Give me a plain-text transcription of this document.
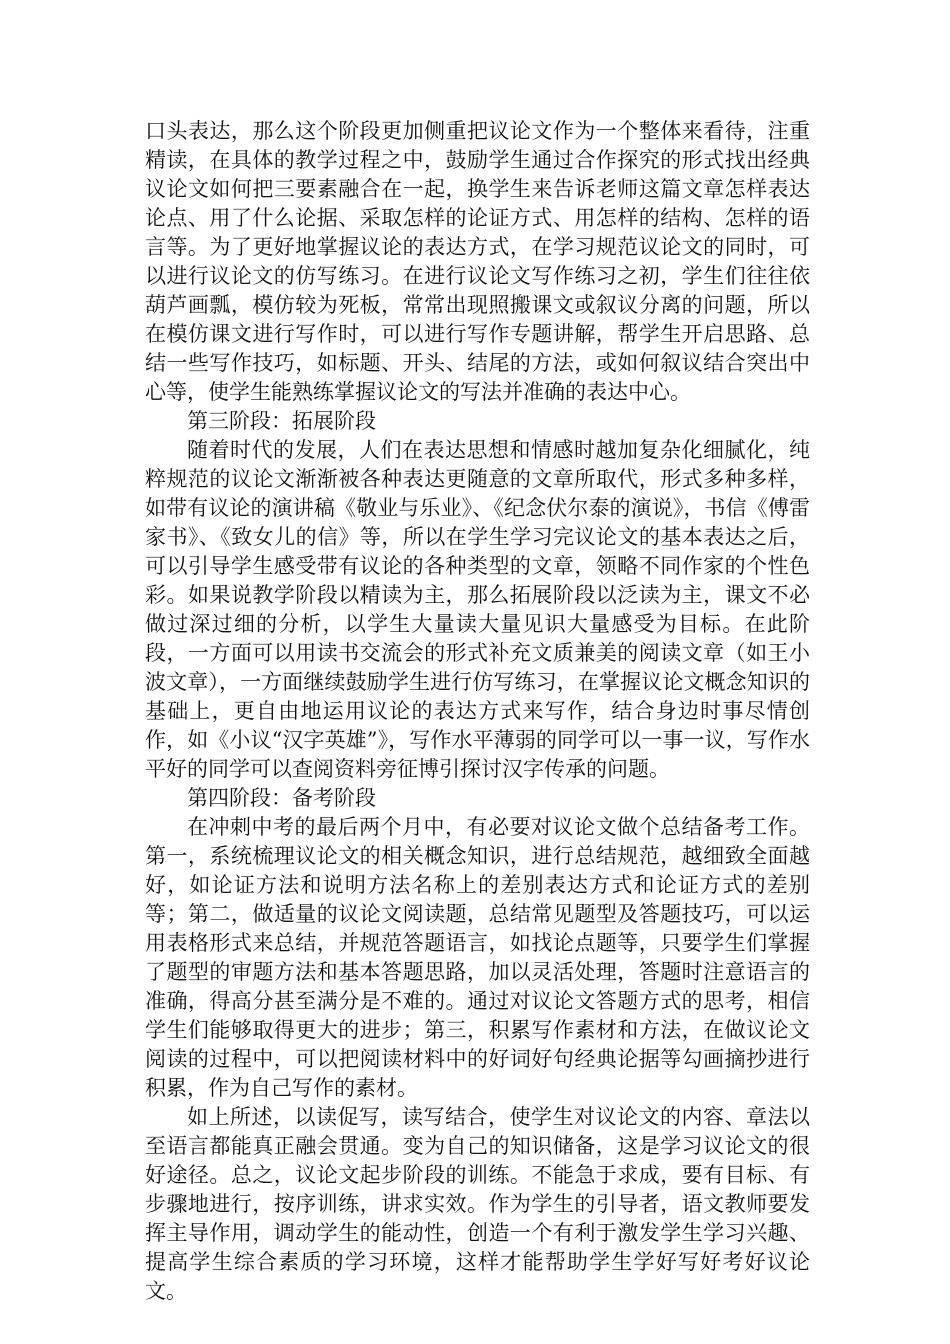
口头表达，那么这个阶段更加侧重把议论文作为一个整体来看待，注重精读，在具体的教学过程之中，鼓励学生通过合作探究的形式找出经典议论文如何把三要素融合在一起，换学生来告诉老师这篇文章怎样表达论点、用了什么论据、采取怎样的论证方式、用怎样的结构、怎样的语言等。为了更好地掌握议论的表达方式，在学习规范议论文的同时，可以进行议论文的仿写练习。在进行议论文写作练习之初，学生们往往依葫芦画瓢，模仿较为死板，常常出现照搬课文或叙议分离的问题，所以在模仿课文进行写作时，可以进行写作专题讲解，帮学生开启思路、总结一些写作技巧，如标题、开头、结尾的方法，或如何叙议结合突出中心等，使学生能熟练掌握议论文的写法并准确的表达中心。

第三阶段：拓展阶段

随着时代的发展，人们在表达思想和情感时越加复杂化细腻化，纯粹规范的议论文渐渐被各种表达更随意的文章所取代，形式多种多样，如带有议论的演讲稿《敬业与乐业》、《纪念伏尔泰的演说》，书信《傅雷家书》、《致女儿的信》等，所以在学生学习完议论文的基本表达之后，可以引导学生感受带有议论的各种类型的文章，领略不同作家的个性色彩。如果说教学阶段以精读为主，那么拓展阶段以泛读为主，课文不必做过深过细的分析，以学生大量读大量见识大量感受为目标。在此阶段，一方面可以用读书交流会的形式补充文质兼美的阅读文章（如王小波文章），一方面继续鼓励学生进行仿写练习，在掌握议论文概念知识的基础上，更自由地运用议论的表达方式来写作，结合身边时事尽情创作，如《小议“汉字英雄”》，写作水平薄弱的同学可以一事一议，写作水平好的同学可以查阅资料旁征博引探讨汉字传承的问题。

第四阶段：备考阶段

在冲刺中考的最后两个月中，有必要对议论文做个总结备考工作。第一，系统梳理议论文的相关概念知识，进行总结规范，越细致全面越好，如论证方法和说明方法名称上的差别表达方式和论证方式的差别等；第二，做适量的议论文阅读题，总结常见题型及答题技巧，可以运用表格形式来总结，并规范答题语言，如找论点题等，只要学生们掌握了题型的审题方法和基本答题思路，加以灵活处理，答题时注意语言的准确，得高分甚至满分是不难的。通过对议论文答题方式的思考，相信学生们能够取得更大的进步；第三，积累写作素材和方法，在做议论文阅读的过程中，可以把阅读材料中的好词好句经典论据等勾画摘抄进行积累，作为自己写作的素材。

如上所述，以读促写，读写结合，使学生对议论文的内容、章法以至语言都能真正融会贯通。变为自己的知识储备，这是学习议论文的很好途径。总之，议论文起步阶段的训练。不能急于求成，要有目标、有步骤地进行，按序训练，讲求实效。作为学生的引导者，语文教师要发挥主导作用，调动学生的能动性，创造一个有利于激发学生学习兴趣、提高学生综合素质的学习环境，这样才能帮助学生学好写好考好议论文。
